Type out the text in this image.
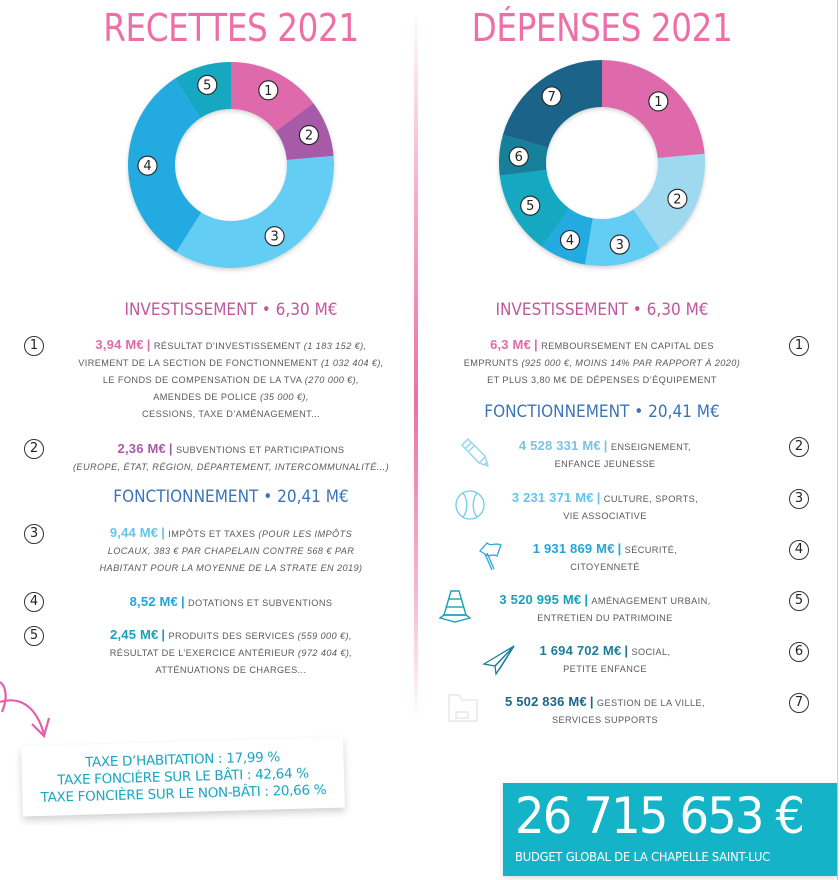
RECETTES 2021	DÉPENSES 2021
1
2
3
4
5
1
2
3
4
5
6
7
INVESTISSEMENT • 6,30 M€
FONCTIONNEMENT • 20,41 M€
1	3,94 M€ | RÉSULTAT D’INVESTISSEMENT (1 183 152 €),
VIREMENT DE LA SECTION DE FONCTIONNEMENT (1 032 404 €),
LE FONDS DE COMPENSATION DE LA TVA (270 000 €),
AMENDES DE POLICE (35 000 €),
CESSIONS, TAXE D’AMÉNAGEMENT...
2	2,36 M€ | SUBVENTIONS ET PARTICIPATIONS
(EUROPE, ÉTAT, RÉGION, DÉPARTEMENT, INTERCOMMUNALITÉ...)
3	9,44 M€ | IMPÔTS ET TAXES (POUR LES IMPÔTS
LOCAUX, 383 € PAR CHAPELAIN CONTRE 568 € PAR
HABITANT POUR LA MOYENNE DE LA STRATE EN 2019)
4	8,52 M€ | DOTATIONS ET SUBVENTIONS
5	2,45 M€ | PRODUITS DES SERVICES (559 000 €),
RÉSULTAT DE L’EXERCICE ANTÉRIEUR (972 404 €),
ATTÉNUATIONS DE CHARGES...
INVESTISSEMENT • 6,30 M€
FONCTIONNEMENT • 20,41 M€
1
6,3 M€ | REMBOURSEMENT EN CAPITAL DES
EMPRUNTS (925 000 €, MOINS 14% PAR RAPPORT À 2020)
ET PLUS 3,80 M€ DE DÉPENSES D’ÉQUIPEMENT
2
4 528 331 M€ | ENSEIGNEMENT,
ENFANCE JEUNESSE
3
3 231 371 M€ | CULTURE, SPORTS,
VIE ASSOCIATIVE
4
1 931 869 M€ | SÉCURITÉ,
CITOYENNETÉ
5
3 520 995 M€ | AMÉNAGEMENT URBAIN,
ENTRETIEN DU PATRIMOINE
6
1 694 702 M€ | SOCIAL,
PETITE ENFANCE
7
5 502 836 M€ | GESTION DE LA VILLE,
SERVICES SUPPORTS
TAXE D’HABITATION : 17,99 %
TAXE FONCIÈRE SUR LE BÂTI : 42,64 %
TAXE FONCIÈRE SUR LE NON-BÂTI : 20,66 %	26 715 653 €
BUDGET GLOBAL DE LA CHAPELLE SAINT-LUC
